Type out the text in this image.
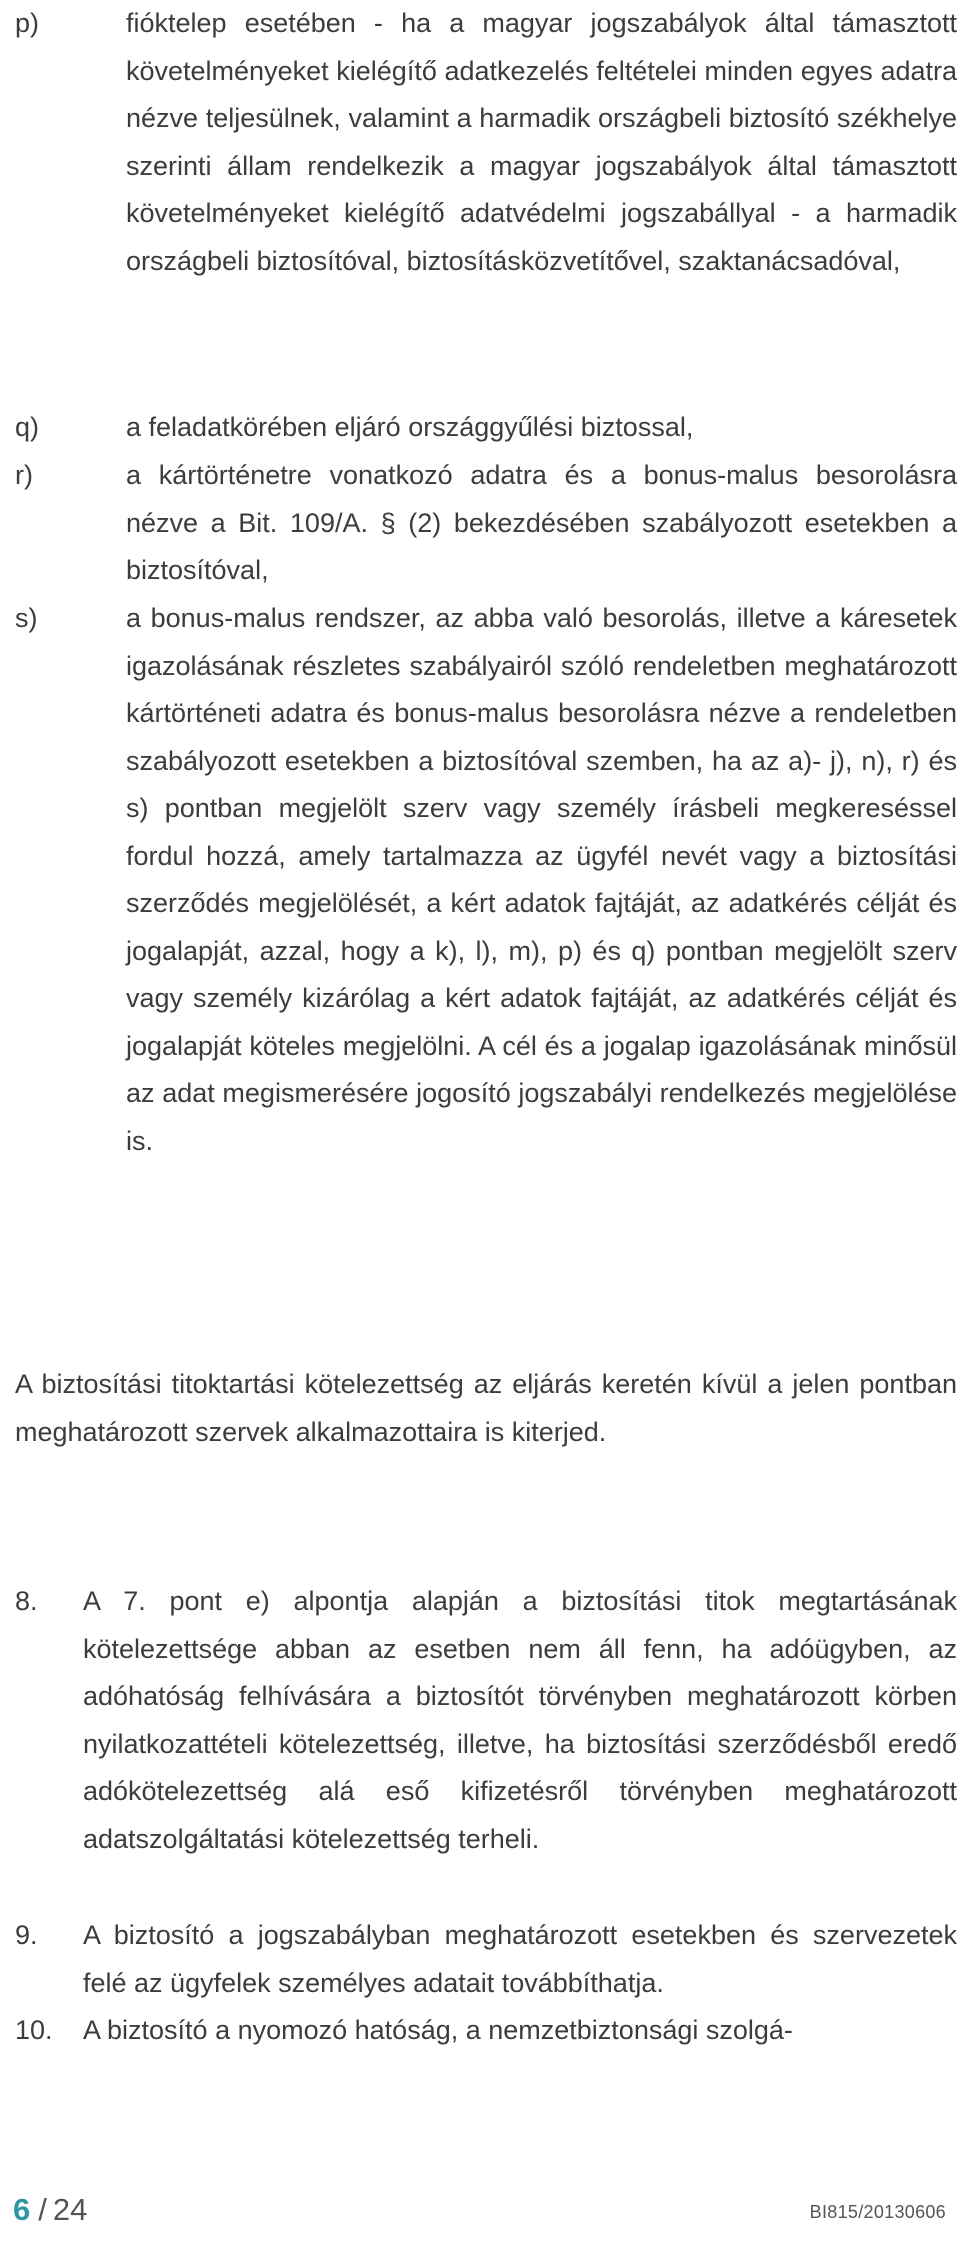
p)	fióktelep esetében - ha a magyar jogszabályok által támasztott követelményeket kielégítő adatkezelés feltételei minden egyes adatra nézve teljesülnek, valamint a harmadik országbeli biztosító székhelye szerinti állam rendelkezik a magyar jogszabályok által támasztott követelményeket kielégítő adatvédelmi jogszabállyal - a harmadik országbeli biztosítóval, biztosításközvetítővel, szaktanácsadóval,
q)	a feladatkörében eljáró országgyűlési biztossal,
r)	a kártörténetre vonatkozó adatra és a bonus-malus besorolásra nézve a Bit. 109/A. § (2) bekezdésében szabályozott esetekben a biztosítóval,
s)	a bonus-malus rendszer, az abba való besorolás, illetve a káresetek igazolásának részletes szabályairól szóló rendeletben meghatározott kártörténeti adatra és bonus-malus besorolásra nézve a rendeletben szabályozott esetekben a biztosítóval szemben, ha az a)- j), n), r) és s) pontban megjelölt szerv vagy személy írásbeli megkereséssel fordul hozzá, amely tartalmazza az ügyfél nevét vagy a biztosítási szerződés megjelölését, a kért adatok fajtáját, az adatkérés célját és jogalapját, azzal, hogy a k), l), m), p) és q) pontban megjelölt szerv vagy személy kizárólag a kért adatok fajtáját, az adatkérés célját és jogalapját köteles megjelölni. A cél és a jogalap igazolásának minősül az adat megismerésére jogosító jogszabályi rendelkezés megjelölése is.

A biztosítási titoktartási kötelezettség az eljárás keretén kívül a jelen pontban meghatározott szervek alkalmazottaira is kiterjed.

8.	A 7. pont e) alpontja alapján a biztosítási titok megtartásának kötelezettsége abban az esetben nem áll fenn, ha adóügyben, az adóhatóság felhívására a biztosítót törvényben meghatározott körben nyilatkozattételi kötelezettség, illetve, ha biztosítási szerződésből eredő adókötelezettség alá eső kifizetésről törvényben meghatározott adatszolgáltatási kötelezettség terheli.
9.	A biztosító a jogszabályban meghatározott esetekben és szervezetek felé az ügyfelek személyes adatait továbbíthatja.
10.	A biztosító a nyomozó hatóság, a nemzetbiztonsági szolgá-
6 / 24	BI815/20130606
